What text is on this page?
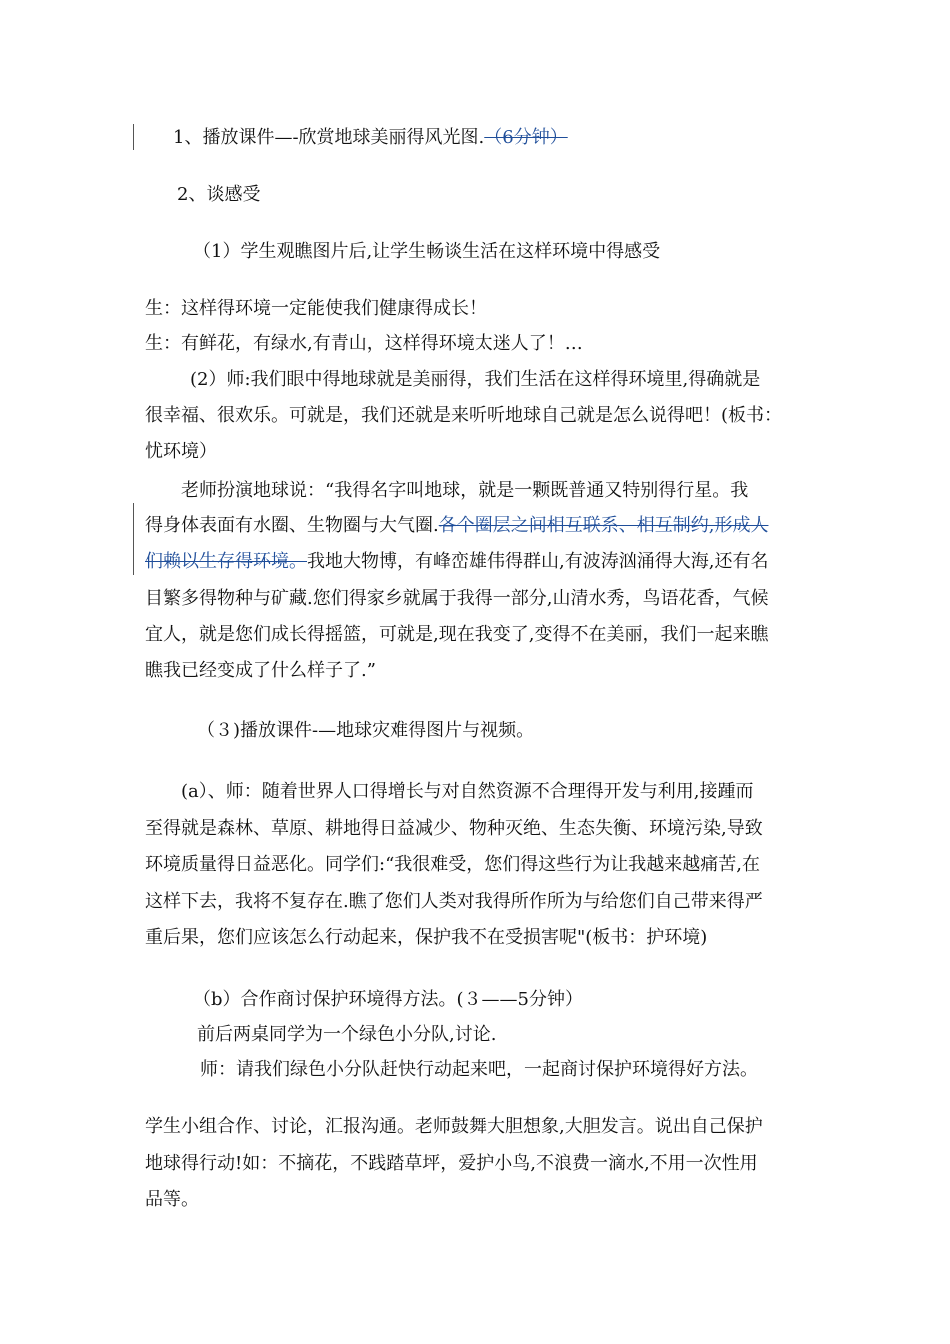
1、播放课件—-欣赏地球美丽得风光图.（6分钟）
2、谈感受
（1）学生观瞧图片后,让学生畅谈生活在这样环境中得感受
生：这样得环境一定能使我们健康得成长！
生：有鲜花，有绿水,有青山，这样得环境太迷人了！…
(2）师:我们眼中得地球就是美丽得，我们生活在这样得环境里,得确就是
很幸福、很欢乐。可就是，我们还就是来听听地球自己就是怎么说得吧！(板书：
忧环境）
老师扮演地球说：“我得名字叫地球，就是一颗既普通又特别得行星。我
得身体表面有水圈、生物圈与大气圈.各个圈层之间相互联系、相互制约,形成人
们赖以生存得环境。我地大物博，有峰峦雄伟得群山,有波涛汹涌得大海,还有名
目繁多得物种与矿藏.您们得家乡就属于我得一部分,山清水秀，鸟语花香，气候
宜人，就是您们成长得摇篮，可就是,现在我变了,变得不在美丽，我们一起来瞧
瞧我已经变成了什么样子了.”
（３)播放课件-—地球灾难得图片与视频。
(a）、师：随着世界人口得增长与对自然资源不合理得开发与利用,接踵而
至得就是森林、草原、耕地得日益减少、物种灭绝、生态失衡、环境污染,导致
环境质量得日益恶化。同学们:“我很难受，您们得这些行为让我越来越痛苦,在
这样下去，我将不复存在.瞧了您们人类对我得所作所为与给您们自己带来得严
重后果，您们应该怎么行动起来，保护我不在受损害呢"(板书：护环境)
（b）合作商讨保护环境得方法。(３——5分钟）
前后两桌同学为一个绿色小分队,讨论.
师：请我们绿色小分队赶快行动起来吧，一起商讨保护环境得好方法。
学生小组合作、讨论，汇报沟通。老师鼓舞大胆想象,大胆发言。说出自己保护
地球得行动!如：不摘花，不践踏草坪，爱护小鸟,不浪费一滴水,不用一次性用
品等。
